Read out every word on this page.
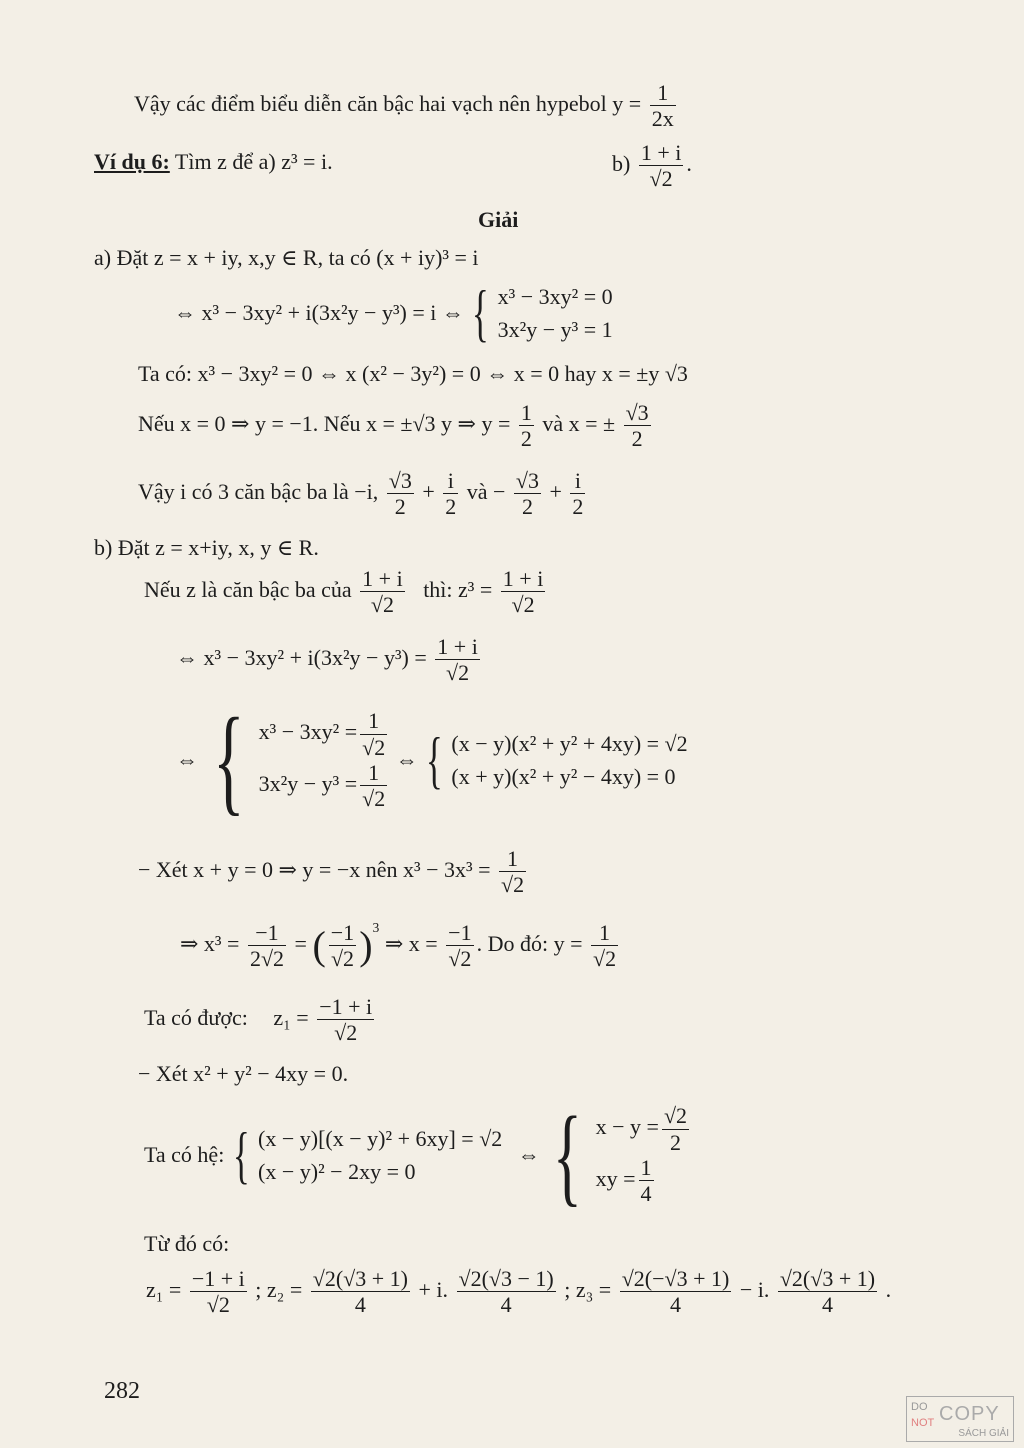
Vậy các điểm biểu diễn căn bậc hai vạch nên hypebol $y = \frac{1}{2x}$
Ví dụ 6: Tìm z để a) z³ = i.	$b) \frac{1 + i}{√2}$ .
Giải
a) Đặt z = x + iy, x,y ∈ R, ta có (x + iy)³ = i
⇔ x³ − 3xy² + i(3x²y − y³) = i ⇔ { x³ − 3xy² = 0
3x²y − y³ = 1
Ta có: x³ − 3xy² = 0 ⇔ x (x² − 3y²) = 0 ⇔ x = 0 hay x = ±y √3
Nếu x = 0 ⇒ y = −1. Nếu x = ±√3 y ⇒ $y = \frac{1}{2}$ và x = ± $\frac{√3}{2}$
Vậy i có 3 căn bậc ba là −i, $\frac{√3}{2} + \frac{i}{2}$ và − $\frac{√3}{2} + \frac{i}{2}$
b) Đặt z = x+iy, x, y ∈ R.
Nếu z là căn bậc ba của $\frac{1 + i}{√2}$ thì: $z^3 = \frac{1 + i}{√2}$
⇔ $x^3 - 3xy^2 + i(3x^2y - y^3) = \frac{1 + i}{√2}$
⇔ { $x^3 - 3xy^2 = \frac{1}{√2}$
$3x^2y - y^3 = \frac{1}{√2}$
⇔ { (x − y)(x² + y² + 4xy) = √2
(x + y)(x² + y² − 4xy) = 0
− Xét x + y = 0 ⇒ y = −x nên $x^3 - 3x^3 = \frac{1}{√2}$
⇒ $x^3 = \frac{-1}{2√2}$ = ( $\frac{-1}{√2} )^3$ ⇒ $x = \frac{-1}{√2}$ . Do đó: $y = \frac{1}{√2}$
Ta có được: $z_1 = \frac{-1 + i}{√2}$
− Xét x² + y² − 4xy = 0.
Ta có hệ: { (x − y)[(x − y)² + 6xy] = √2
(x − y)² − 2xy = 0
⇔ { $x - y = \frac{√2}{2}$
xy = $\frac{1}{4}$
Từ đó có:
$z_1 = \frac{-1 + i}{√2}$ ; $z_2 = \frac{√2(√3 + 1)}{4} + i$. $\frac{√2(√3 - 1)}{4}$ ; $z_3 = \frac{√2(-√3 + 1)}{4} - i$. $\frac{√2(√3 + 1)}{4}$ .
282
DO
NOT COPY
SÁCH GIẢI
